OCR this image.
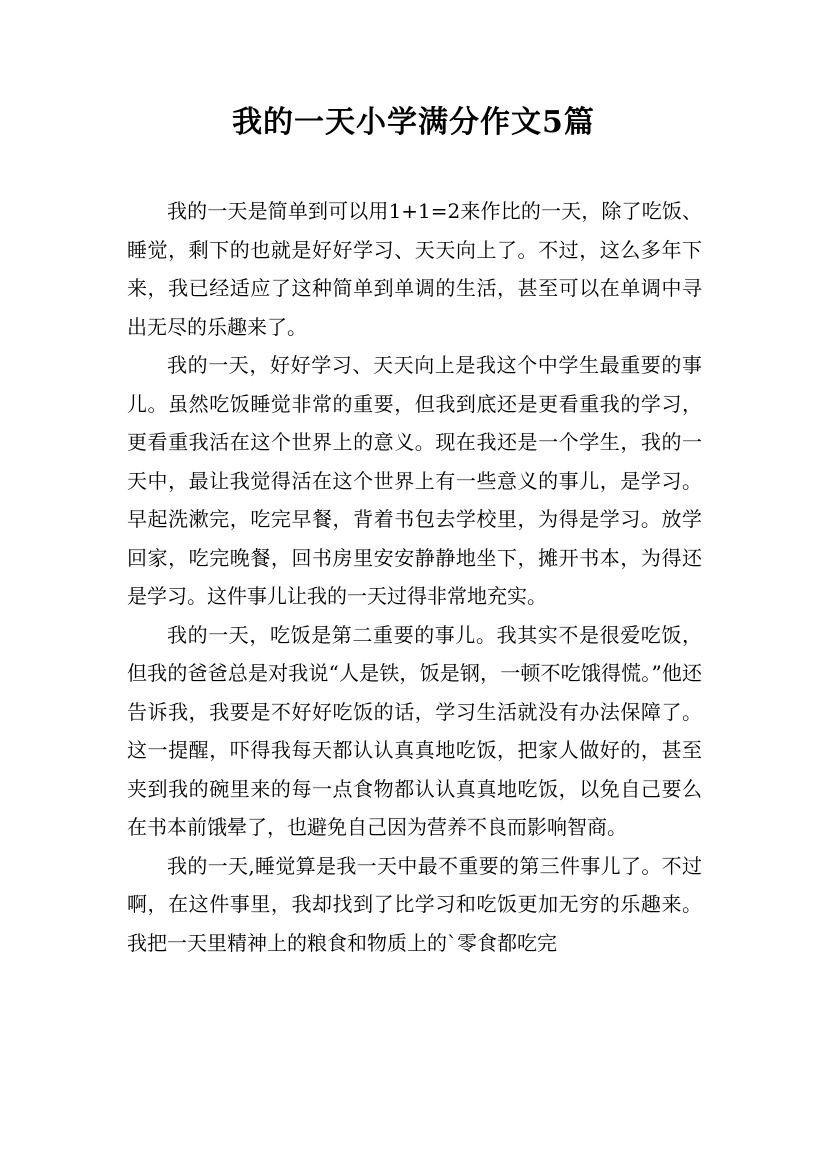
我的一天小学满分作文5篇

我的一天是简单到可以用1+1=2来作比的一天，除了吃饭、睡觉，剩下的也就是好好学习、天天向上了。不过，这么多年下来，我已经适应了这种简单到单调的生活，甚至可以在单调中寻出无尽的乐趣来了。

我的一天，好好学习、天天向上是我这个中学生最重要的事儿。虽然吃饭睡觉非常的重要，但我到底还是更看重我的学习，更看重我活在这个世界上的意义。现在我还是一个学生，我的一天中，最让我觉得活在这个世界上有一些意义的事儿，是学习。早起洗漱完，吃完早餐，背着书包去学校里，为得是学习。放学回家，吃完晚餐，回书房里安安静静地坐下，摊开书本，为得还是学习。这件事儿让我的一天过得非常地充实。

我的一天，吃饭是第二重要的事儿。我其实不是很爱吃饭，但我的爸爸总是对我说“人是铁，饭是钢，一顿不吃饿得慌。”他还告诉我，我要是不好好吃饭的话，学习生活就没有办法保障了。这一提醒，吓得我每天都认认真真地吃饭，把家人做好的，甚至夹到我的碗里来的每一点食物都认认真真地吃饭，以免自己要么在书本前饿晕了，也避免自己因为营养不良而影响智商。

我的一天,睡觉算是我一天中最不重要的第三件事儿了。不过啊，在这件事里，我却找到了比学习和吃饭更加无穷的乐趣来。我把一天里精神上的粮食和物质上的`零食都吃完
